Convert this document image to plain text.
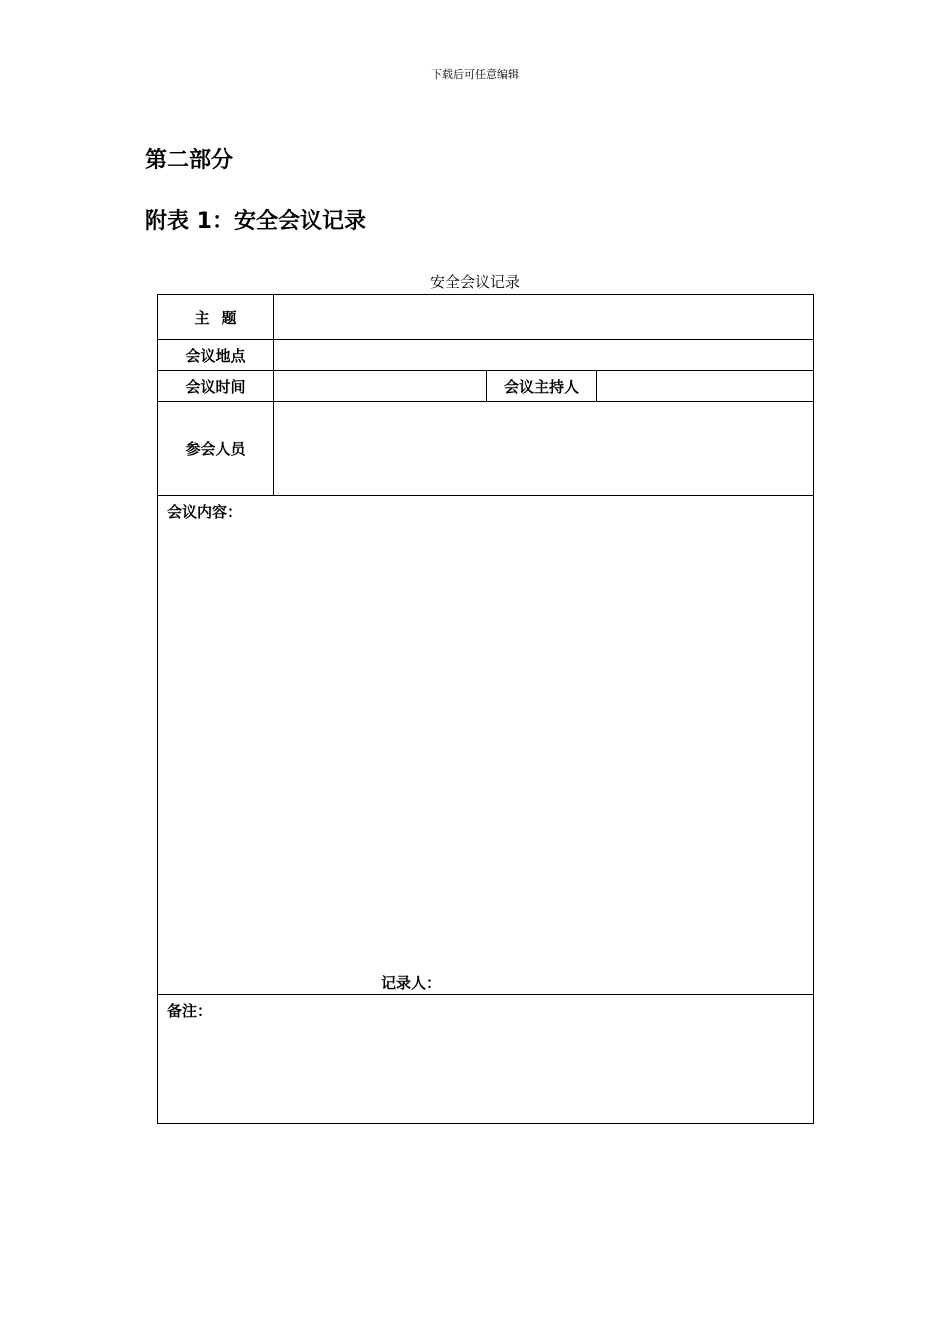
下载后可任意编辑
第二部分
附表 1：安全会议记录
安全会议记录
主题
会议地点
会议时间	会议主持人
参会人员
会议内容：
记录人：
备注：
